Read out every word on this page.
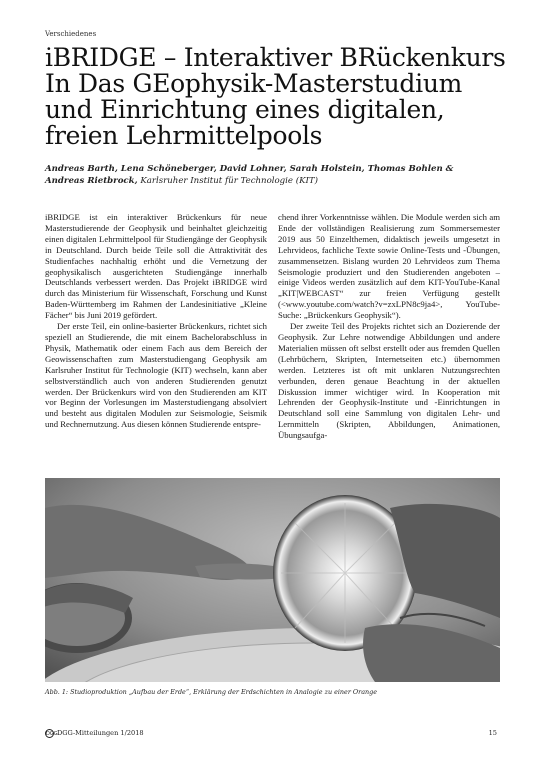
Verschiedenes
iBRIDGE – Interaktiver BRückenkurs
In Das GEophysik-Masterstudium
und Einrichtung eines digitalen,
freien Lehrmittelpools
Andreas Barth, Lena Schöneberger, David Lohner, Sarah Holstein, Thomas Bohlen &
Andreas Rietbrock, Karlsruher Institut für Technologie (KIT)

iBRIDGE ist ein interaktiver Brückenkurs für neue Masterstudierende der Geophysik und beinhaltet gleichzeitig einen digitalen Lehrmittelpool für Studiengänge der Geophysik in Deutschland. Durch beide Teile soll die Attraktivität des Studienfaches nachhaltig erhöht und die Vernetzung der geophysikalisch ausgerichteten Studiengänge innerhalb Deutschlands verbessert werden. Das Projekt iBRIDGE wird durch das Ministerium für Wissenschaft, Forschung und Kunst Baden-Württemberg im Rahmen der Landesinitiative „Kleine Fächer“ bis Juni 2019 gefördert.

Der erste Teil, ein online-basierter Brückenkurs, richtet sich speziell an Studierende, die mit einem Bachelorabschluss in Physik, Mathematik oder einem Fach aus dem Bereich der Geowissenschaften zum Masterstudiengang Geophysik am Karlsruher Institut für Technologie (KIT) wechseln, kann aber selbstverständlich auch von anderen Studierenden genutzt werden. Der Brückenkurs wird von den Studierenden am KIT vor Beginn der Vorlesungen im Masterstudiengang absolviert und besteht aus digitalen Modulen zur Seismologie, Seismik und Rechnernutzung. Aus diesen können Studierende entspre-

chend ihrer Vorkenntnisse wählen. Die Module werden sich am Ende der vollständigen Realisierung zum Sommersemester 2019 aus 50 Einzelthemen, didaktisch jeweils umgesetzt in Lehrvideos, fachliche Texte sowie Online-Tests und -Übungen, zusammensetzen. Bislang wurden 20 Lehrvideos zum Thema Seismologie produziert und den Studierenden angeboten – einige Videos werden zusätzlich auf dem KIT-YouTube-Kanal „KIT|WEBCAST“ zur freien Verfügung gestellt (<www.youtube.com/watch?v=zxLPN8c9ja4>, YouTube-Suche: „Brückenkurs Geophysik“).

Der zweite Teil des Projekts richtet sich an Dozierende der Geophysik. Zur Lehre notwendige Abbildungen und andere Materialien müssen oft selbst erstellt oder aus fremden Quellen (Lehrbüchern, Skripten, Internetseiten etc.) übernommen werden. Letzteres ist oft mit unklaren Nutzungsrechten verbunden, deren genaue Beachtung in der aktuellen Diskussion immer wichtiger wird. In Kooperation mit Lehrenden der Geophysik-Institute und -Einrichtungen in Deutschland soll eine Sammlung von digitalen Lehr- und Lernmitteln (Skripten, Abbildungen, Animationen, Übungsaufga-

Abb. 1: Studioproduktion „Aufbau der Erde“, Erklärung der Erdschichten in Analogie zu einer Orange
DGG DGG-Mitteilungen 1/2018	15
